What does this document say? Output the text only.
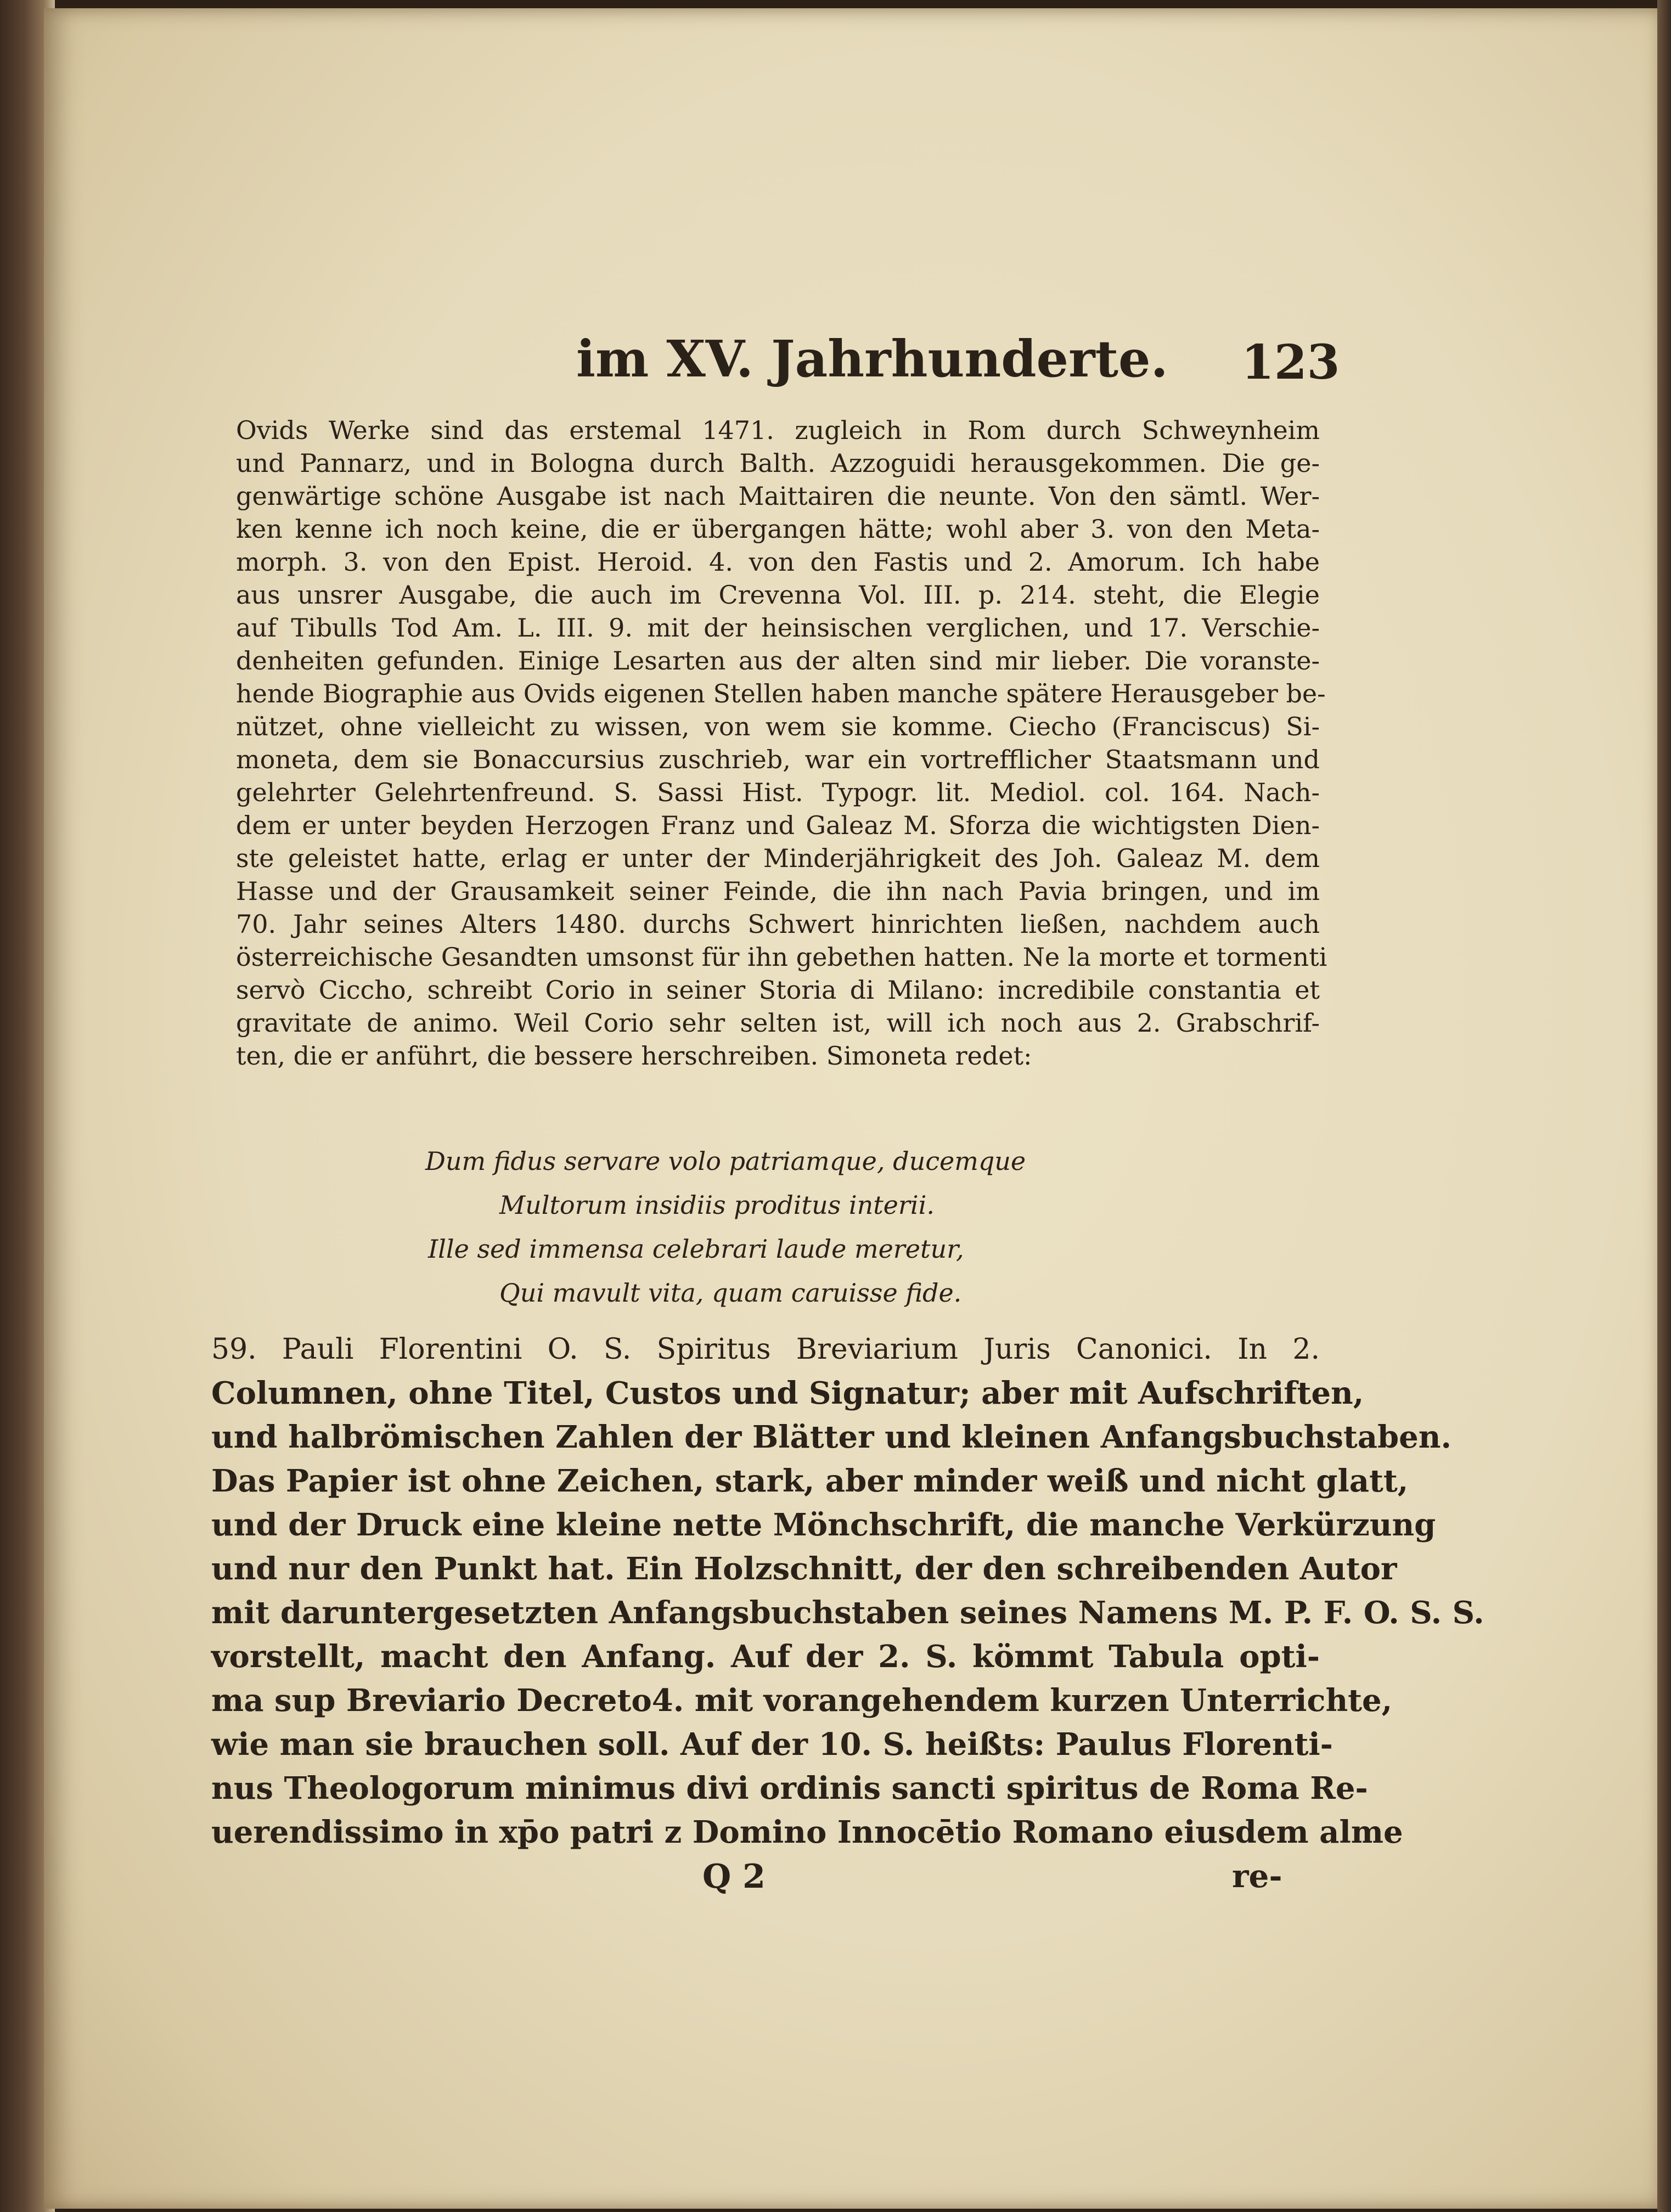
im XV. Jahrhunderte. 123
Ovids Werke sind das erstemal 1471. zugleich in Rom durch Schweynheim
und Pannarz, und in Bologna durch Balth. Azzoguidi herausgekommen. Die ge-
genwärtige schöne Ausgabe ist nach Maittairen die neunte. Von den sämtl. Wer-
ken kenne ich noch keine, die er übergangen hätte; wohl aber 3. von den Meta-
morph. 3. von den Epist. Heroid. 4. von den Fastis und 2. Amorum. Ich habe
aus unsrer Ausgabe, die auch im Crevenna Vol. III. p. 214. steht, die Elegie
auf Tibulls Tod Am. L. III. 9. mit der heinsischen verglichen, und 17. Verschie-
denheiten gefunden. Einige Lesarten aus der alten sind mir lieber. Die voranste-
hende Biographie aus Ovids eigenen Stellen haben manche spätere Herausgeber be-
nützet, ohne vielleicht zu wissen, von wem sie komme. Ciecho (Franciscus) Si-
moneta, dem sie Bonaccursius zuschrieb, war ein vortrefflicher Staatsmann und
gelehrter Gelehrtenfreund. S. Sassi Hist. Typogr. lit. Mediol. col. 164. Nach-
dem er unter beyden Herzogen Franz und Galeaz M. Sforza die wichtigsten Dien-
ste geleistet hatte, erlag er unter der Minderjährigkeit des Joh. Galeaz M. dem
Hasse und der Grausamkeit seiner Feinde, die ihn nach Pavia bringen, und im
70. Jahr seines Alters 1480. durchs Schwert hinrichten ließen, nachdem auch
österreichische Gesandten umsonst für ihn gebethen hatten. Ne la morte et tormenti
servò Ciccho, schreibt Corio in seiner Storia di Milano: incredibile constantia et
gravitate de animo. Weil Corio sehr selten ist, will ich noch aus 2. Grabschrif-
ten, die er anführt, die bessere herschreiben. Simoneta redet:
Dum fidus servare volo patriamque, ducemque
Multorum insidiis proditus interii.
Ille sed immensa celebrari laude meretur,
Qui mavult vita, quam caruisse fide.
59. Pauli Florentini O. S. Spiritus Breviarium Juris Canonici. In 2.
Columnen, ohne Titel, Custos und Signatur; aber mit Aufschriften,
und halbrömischen Zahlen der Blätter und kleinen Anfangsbuchstaben.
Das Papier ist ohne Zeichen, stark, aber minder weiß und nicht glatt,
und der Druck eine kleine nette Mönchschrift, die manche Verkürzung
und nur den Punkt hat. Ein Holzschnitt, der den schreibenden Autor
mit daruntergesetzten Anfangsbuchstaben seines Namens M. P. F. O. S. S.
vorstellt, macht den Anfang. Auf der 2. S. kömmt Tabula opti-
ma sup Breviario Decreto4. mit vorangehendem kurzen Unterrichte,
wie man sie brauchen soll. Auf der 10. S. heißts: Paulus Florenti-
nus Theologorum minimus divi ordinis sancti spiritus de Roma Re-
uerendissimo in xp̄o patri z Domino Innocētio Romano eiusdem alme
Q 2	re-
